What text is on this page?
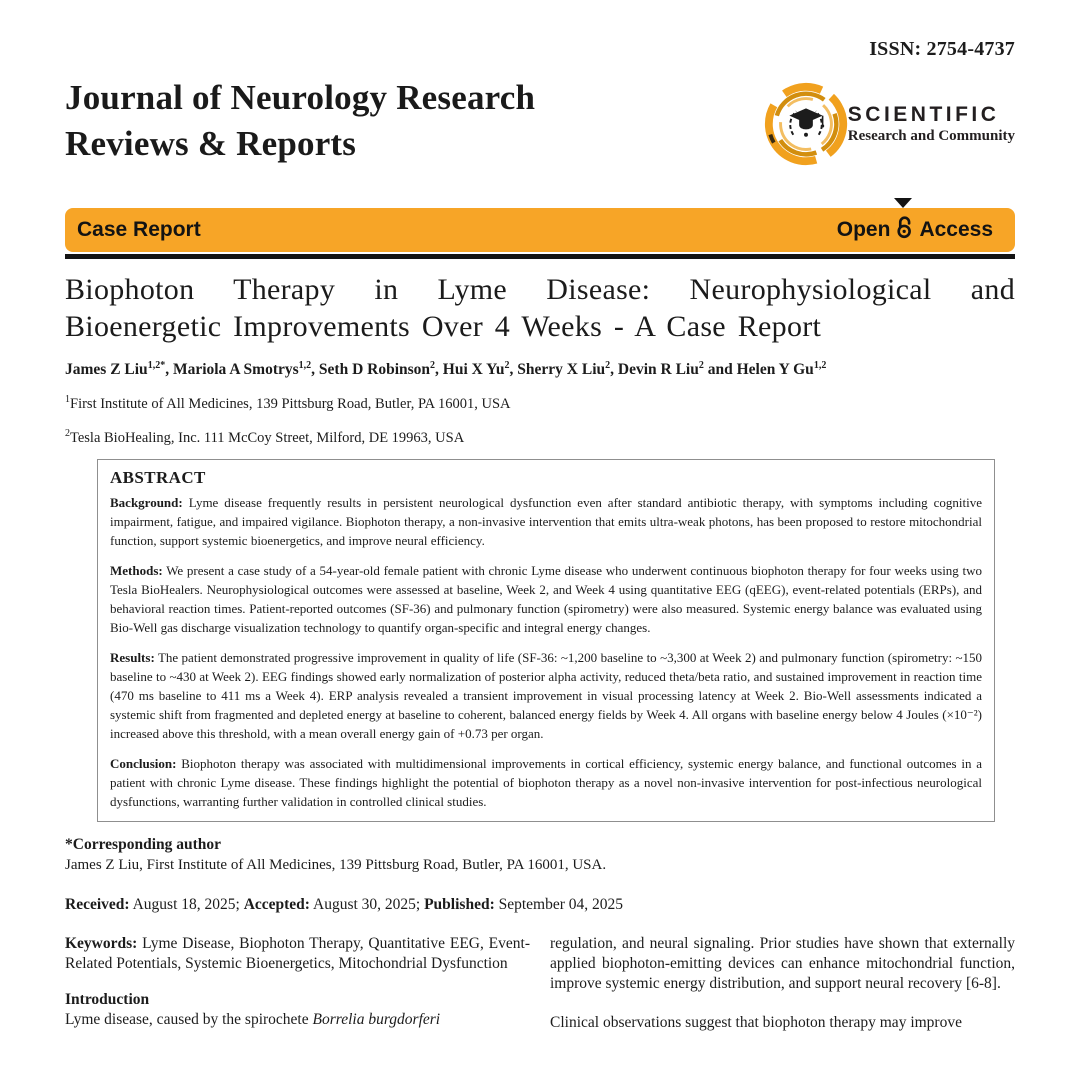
ISSN: 2754-4737
Journal of Neurology Research
Reviews & Reports
SCIENTIFIC
Research and Community
Case Report	Open Access
Biophoton Therapy in Lyme Disease: Neurophysiological and Bioenergetic Improvements Over 4 Weeks - A Case Report
James Z Liu$^{1,2*}$, Mariola A Smotrys$^{1,2}$, Seth D Robinson$^2$, Hui X Yu$^2$, Sherry X Liu$^2$, Devin R Liu$^2$ and Helen Y Gu$^{1,2}$
$^1$First Institute of All Medicines, 139 Pittsburg Road, Butler, PA 16001, USA
$^2$Tesla BioHealing, Inc. 111 McCoy Street, Milford, DE 19963, USA
ABSTRACT

Background: Lyme disease frequently results in persistent neurological dysfunction even after standard antibiotic therapy, with symptoms including cognitive impairment, fatigue, and impaired vigilance. Biophoton therapy, a non-invasive intervention that emits ultra-weak photons, has been proposed to restore mitochondrial function, support systemic bioenergetics, and improve neural efficiency.

Methods: We present a case study of a 54-year-old female patient with chronic Lyme disease who underwent continuous biophoton therapy for four weeks using two Tesla BioHealers. Neurophysiological outcomes were assessed at baseline, Week 2, and Week 4 using quantitative EEG (qEEG), event-related potentials (ERPs), and behavioral reaction times. Patient-reported outcomes (SF-36) and pulmonary function (spirometry) were also measured. Systemic energy balance was evaluated using Bio-Well gas discharge visualization technology to quantify organ-specific and integral energy changes.

Results: The patient demonstrated progressive improvement in quality of life (SF-36: ~1,200 baseline to ~3,300 at Week 2) and pulmonary function (spirometry: ~150 baseline to ~430 at Week 2). EEG findings showed early normalization of posterior alpha activity, reduced theta/beta ratio, and sustained improvement in reaction time (470 ms baseline to 411 ms a Week 4). ERP analysis revealed a transient improvement in visual processing latency at Week 2. Bio-Well assessments indicated a systemic shift from fragmented and depleted energy at baseline to coherent, balanced energy fields by Week 4. All organs with baseline energy below 4 Joules (×10⁻²) increased above this threshold, with a mean overall energy gain of +0.73 per organ.

Conclusion: Biophoton therapy was associated with multidimensional improvements in cortical efficiency, systemic energy balance, and functional outcomes in a patient with chronic Lyme disease. These findings highlight the potential of biophoton therapy as a novel non-invasive intervention for post-infectious neurological dysfunctions, warranting further validation in controlled clinical studies.

*Corresponding author
James Z Liu, First Institute of All Medicines, 139 Pittsburg Road, Butler, PA 16001, USA.
Received: August 18, 2025; Accepted: August 30, 2025; Published: September 04, 2025

Keywords: Lyme Disease, Biophoton Therapy, Quantitative EEG, Event-Related Potentials, Systemic Bioenergetics, Mitochondrial Dysfunction

Introduction

Lyme disease, caused by the spirochete Borrelia burgdorferi

regulation, and neural signaling. Prior studies have shown that externally applied biophoton-emitting devices can enhance mitochondrial function, improve systemic energy distribution, and support neural recovery [6-8].

Clinical observations suggest that biophoton therapy may improve
